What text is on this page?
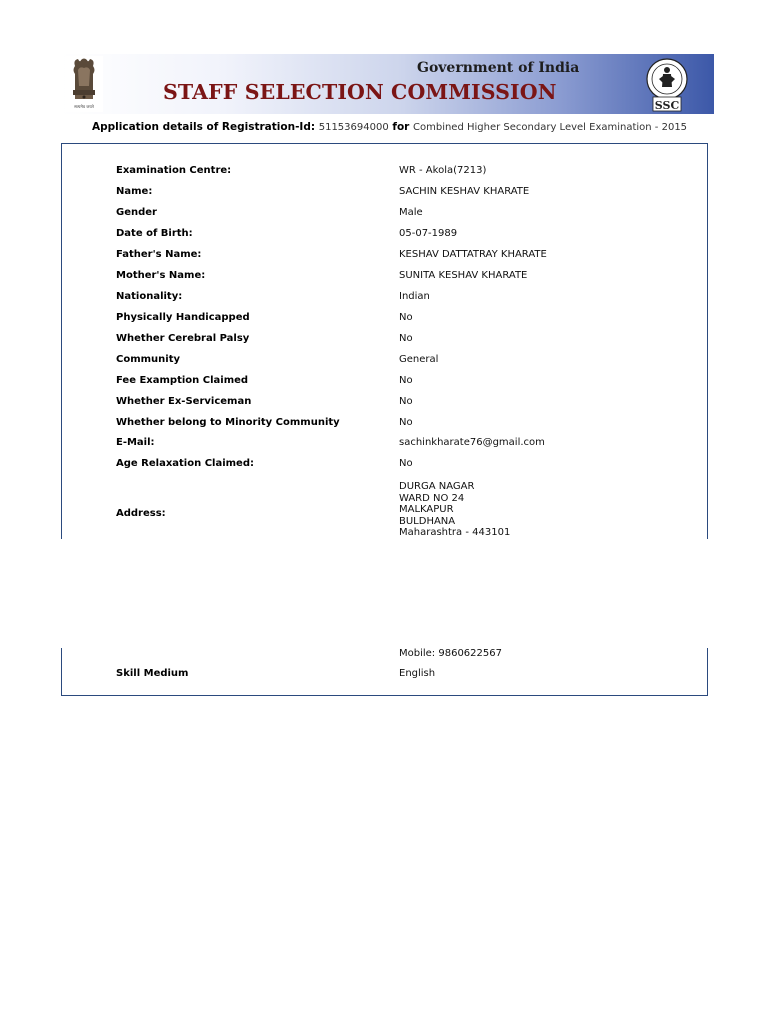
सत्यमेव जयते
Government of India
STAFF SELECTION COMMISSION
SSC
Application details of Registration-Id: 51153694000 for Combined Higher Secondary Level Examination - 2015
Examination Centre:	WR - Akola(7213)
Name:	SACHIN KESHAV KHARATE
Gender	Male
Date of Birth:	05-07-1989
Father's Name:	KESHAV DATTATRAY KHARATE
Mother's Name:	SUNITA KESHAV KHARATE
Nationality:	Indian
Physically Handicapped	No
Whether Cerebral Palsy	No
Community	General
Fee Examption Claimed	No
Whether Ex-Serviceman	No
Whether belong to Minority Community	No
E-Mail:	sachinkharate76@gmail.com
Age Relaxation Claimed:	No
Address:
DURGA NAGAR
WARD NO 24
MALKAPUR
BULDHANA
Maharashtra - 443101
Mobile: 9860622567
Skill Medium	English
